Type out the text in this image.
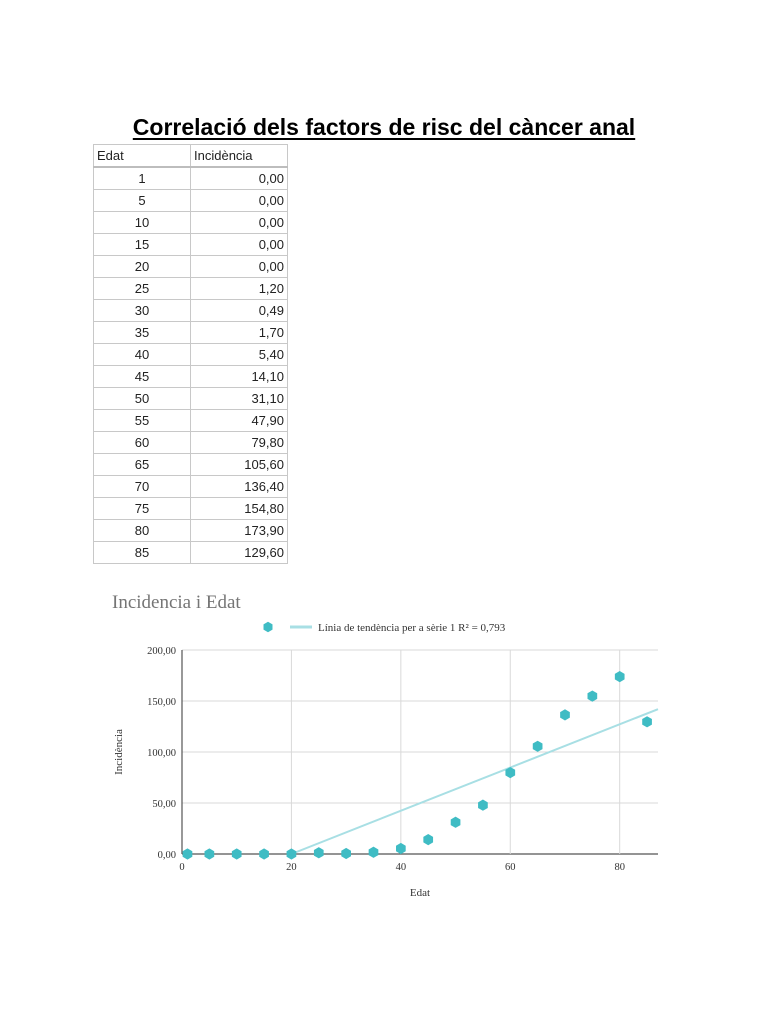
Correlació dels factors de risc del càncer anal
Edat	Incidència
1	0,00
5	0,00
10	0,00
15	0,00
20	0,00
25	1,20
30	0,49
35	1,70
40	5,40
45	14,10
50	31,10
55	47,90
60	79,80
65	105,60
70	136,40
75	154,80
80	173,90
85	129,60
Incidencia i Edat
Línia de tendència per a sèrie 1 R² = 0,793
0,00
50,00
100,00
150,00
200,00
0	20	40	60	80
Edat
Incidència
